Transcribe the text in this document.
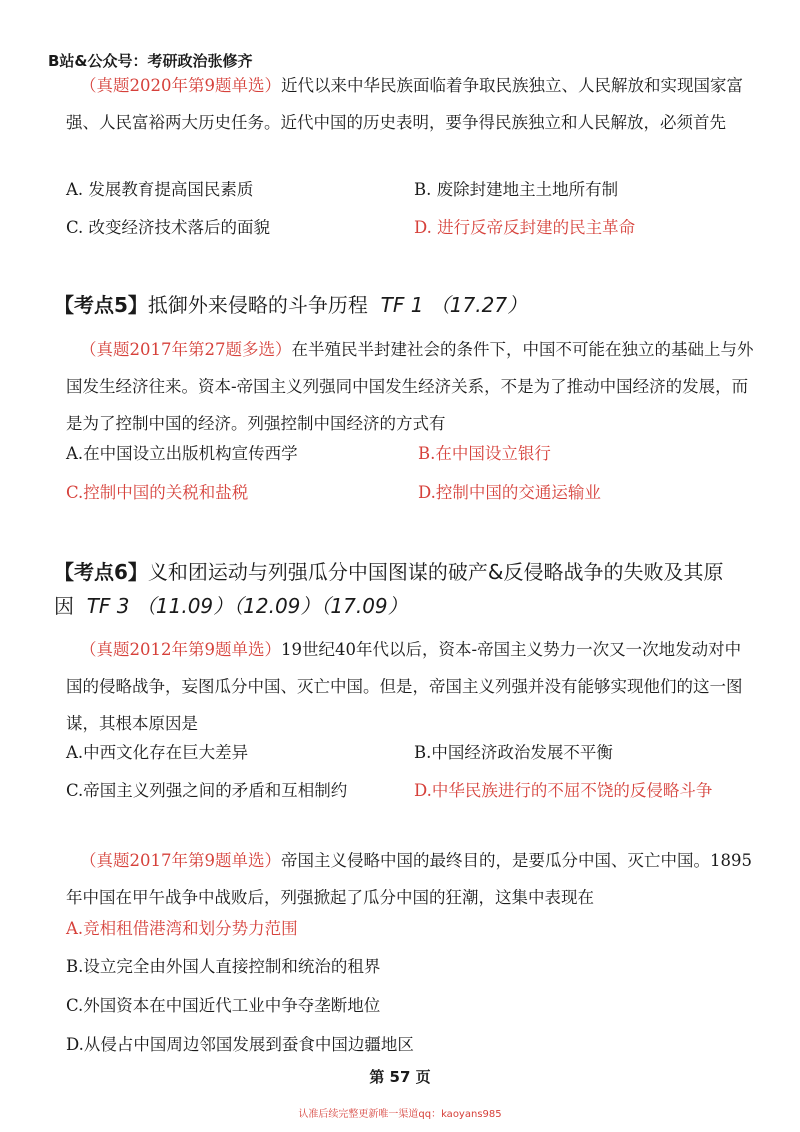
B站&公众号：考研政治张修齐
（真题2020年第9题单选）近代以来中华民族面临着争取民族独立、人民解放和实现国家富强、人民富裕两大历史任务。近代中国的历史表明，要争得民族独立和人民解放，必须首先
A. 发展教育提高国民素质	B. 废除封建地主土地所有制
C. 改变经济技术落后的面貌	D. 进行反帝反封建的民主革命
【考点5】抵御外来侵略的斗争历程 TF 1 （17.27）
（真题2017年第27题多选）在半殖民半封建社会的条件下，中国不可能在独立的基础上与外国发生经济往来。资本-帝国主义列强同中国发生经济关系，不是为了推动中国经济的发展，而是为了控制中国的经济。列强控制中国经济的方式有
A.在中国设立出版机构宣传西学	B.在中国设立银行
C.控制中国的关税和盐税	D.控制中国的交通运输业
【考点6】义和团运动与列强瓜分中国图谋的破产&反侵略战争的失败及其原因 TF 3 （11.09）（12.09）（17.09）
（真题2012年第9题单选）19世纪40年代以后，资本-帝国主义势力一次又一次地发动对中国的侵略战争，妄图瓜分中国、灭亡中国。但是，帝国主义列强并没有能够实现他们的这一图谋，其根本原因是
A.中西文化存在巨大差异	B.中国经济政治发展不平衡
C.帝国主义列强之间的矛盾和互相制约	D.中华民族进行的不屈不饶的反侵略斗争
（真题2017年第9题单选）帝国主义侵略中国的最终目的，是要瓜分中国、灭亡中国。1895年中国在甲午战争中战败后，列强掀起了瓜分中国的狂潮，这集中表现在
A.竞相租借港湾和划分势力范围
B.设立完全由外国人直接控制和统治的租界
C.外国资本在中国近代工业中争夺垄断地位
D.从侵占中国周边邻国发展到蚕食中国边疆地区
第 57 页
认准后续完整更新唯一渠道qq：kaoyans985
